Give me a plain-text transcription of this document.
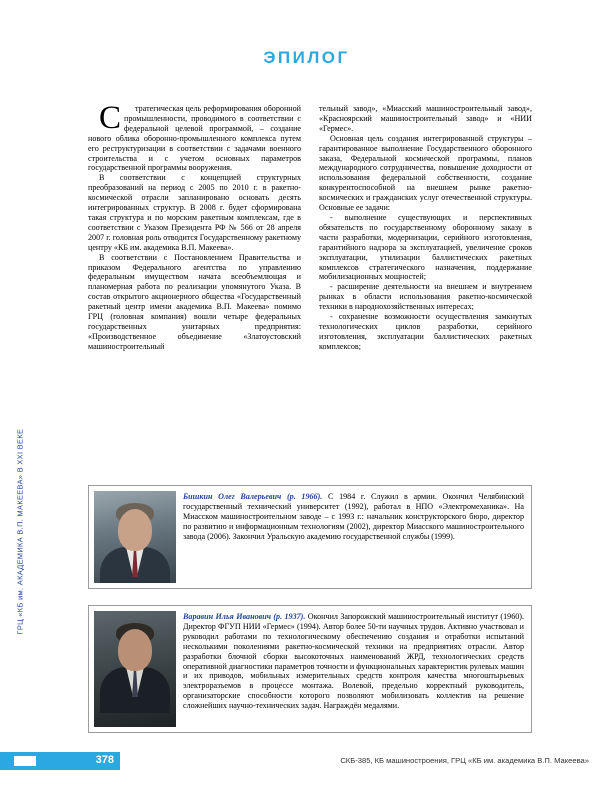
ГРЦ «КБ им. АКАДЕМИКА В.П. МАКЕЕВА» В XXI ВЕКЕ
ЭПИЛОГ

С	тратегическая цель реформирования оборонной промышленности, проводимого в соответствии с федеральной целевой программой, – создание нового облика оборонно-промышленного комплекса путем его реструктуризации в соответствии с задачами военного строительства и с учетом основных параметров государственной программы вооружения.

В соответствии с концепцией структурных преобразований на период с 2005 по 2010 г. в ракетно-космической отрасли запланировано основать десять интегрированных структур. В 2008 г. будет сформирована такая структура и по морским ракетным комплексам, где в соответствии с Указом Президента РФ № 566 от 28 апреля 2007 г. головная роль отводится Государственному ракетному центру «КБ им. академика В.П. Макеева».

В соответствии с Постановлением Правительства и приказом Федерального агентства по управлению федеральным имуществом начата всеобъемлющая и планомерная работа по реализации упомянутого Указа. В состав открытого акционерного общества «Государственный ракетный центр имени академика В.П. Макеева» помимо ГРЦ (головная компания) вошли четыре федеральных государственных унитарных предприятия: «Производственное объединение «Златоустовский машиностроительный

тельный завод», «Миасский машиностроительный завод», «Красноярский машиностроительный завод» и «НИИ «Гермес».

Основная цель создания интегрированной структуры – гарантированное выполнение Государственного оборонного заказа, Федеральной космической программы, планов международного сотрудничества, повышение доходности от использования федеральной собственности, создание конкурентоспособной на внешнем рынке ракетно-космических и гражданских услуг отечественной структуры. Основные ее задачи:

- выполнение существующих и перспективных обязательств по государственному оборонному заказу в части разработки, модернизации, серийного изготовления, гарантийного надзора за эксплуатацией, увеличение сроков эксплуатации, утилизации баллистических ракетных комплексов стратегического назначения, поддержание мобилизационных мощностей;

- расширение деятельности на внешнем и внутреннем рынках в области использования ракетно-космической техники в народнохозяйственных интересах;

- сохранение возможности осуществления замкнутых технологических циклов разработки, серийного изготовления, эксплуатации баллистических ракетных комплексов;

Бишкин Олег Валерьевич (р. 1966). С 1984 г. Служил в армии. Окончил Челябинский государственный технический университет (1992), работал в НПО «Электромеханика». На Миасском машиностроительном заводе – с 1993 г.: начальник конструкторского бюро, директор по развитию и информационным технологиям (2002), директор Миасского машиностроительного завода (2006). Закончил Уральскую академию государственной службы (1999).
Варавин Илья Иванович (р. 1937). Окончил Запорожский машиностроительный институт (1960). Директор ФГУП НИИ «Гермес» (1994). Автор более 50-ти научных трудов. Активно участвовал и руководил работами по технологическому обеспечению создания и отработки испытаний несколькими поколениями ракетно-космической техники на предприятиях отрасли. Автор разработки блочной сборки высокоточных наименований ЖРД, технологических средств оперативной диагностики параметров точности и функциональных характеристик рулевых машин и их приводов, мобильных измерительных средств контроля качества многоштырьевых электроразъемов в процессе монтажа. Волевой, предельно корректный руководитель, организаторские способности которого позволяют мобилизовать коллектив на решение сложнейших научно-технических задач. Награждён медалями.
378	СКБ-385, КБ машиностроения, ГРЦ «КБ им. академика В.П. Макеева»
